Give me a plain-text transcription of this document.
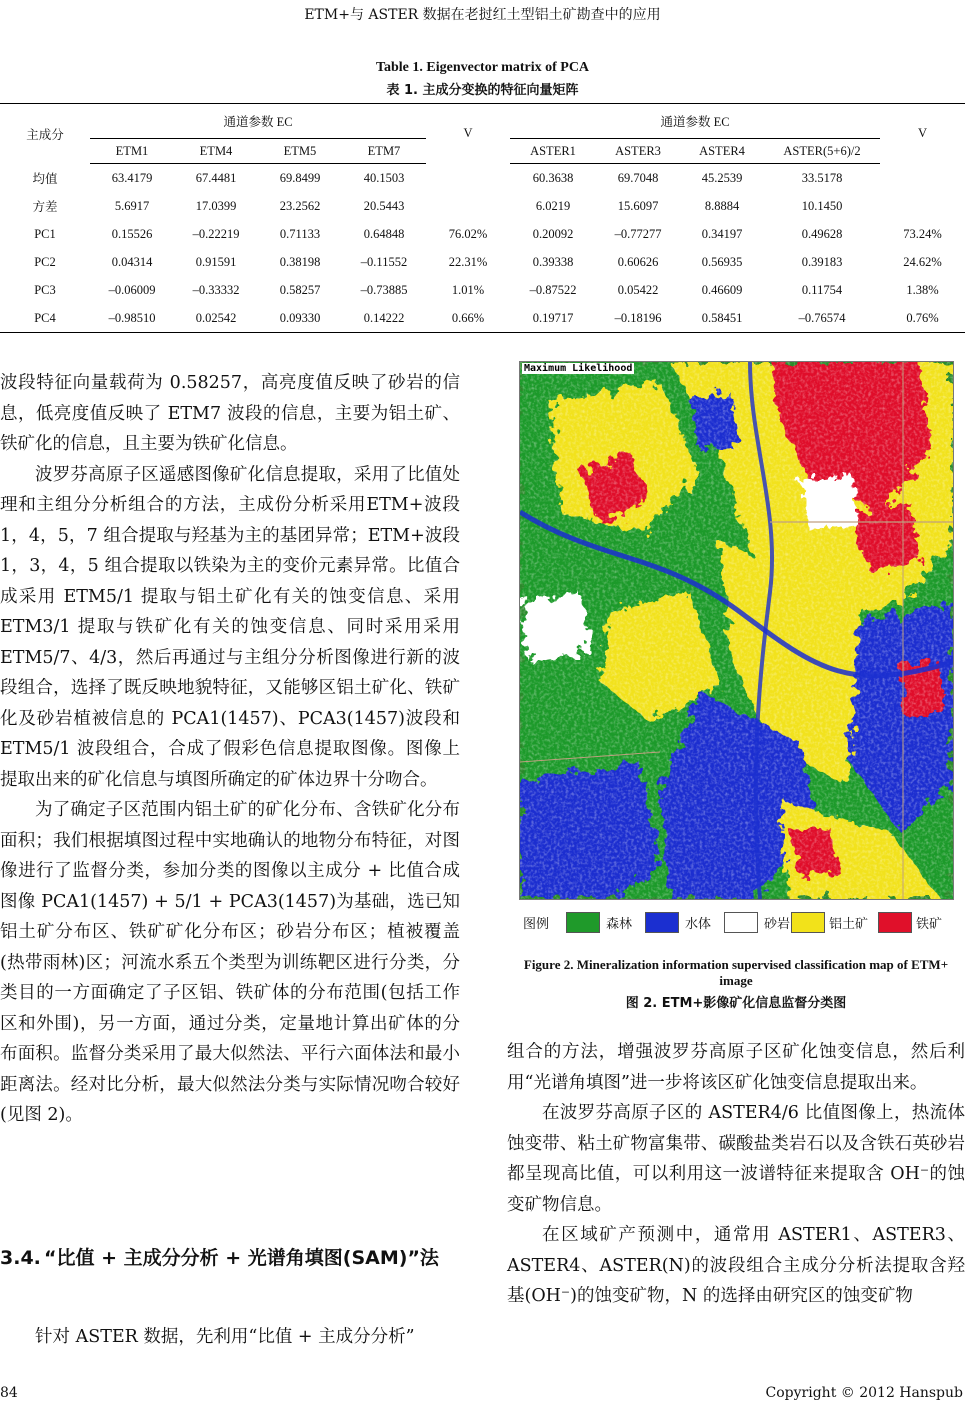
ETM+与 ASTER 数据在老挝红土型铝土矿勘查中的应用
Table 1. Eigenvector matrix of PCA
表 1. 主成分变换的特征向量矩阵
主成分	通道参数 EC				V	通道参数 EC				V
	ETM1	ETM4	ETM5	ETM7		ASTER1	ASTER3	ASTER4	ASTER(5+6)/2	
均值	63.4179	67.4481	69.8499	40.1503		60.3638	69.7048	45.2539	33.5178	
方差	5.6917	17.0399	23.2562	20.5443		6.0219	15.6097	8.8884	10.1450	
PC1	0.15526	–0.22219	0.71133	0.64848	76.02%	0.20092	–0.77277	0.34197	0.49628	73.24%
PC2	0.04314	0.91591	0.38198	–0.11552	22.31%	0.39338	0.60626	0.56935	0.39183	24.62%
PC3	–0.06009	–0.33332	0.58257	–0.73885	1.01%	–0.87522	0.05422	0.46609	0.11754	1.38%
PC4	–0.98510	0.02542	0.09330	0.14222	0.66%	0.19717	–0.18196	0.58451	–0.76574	0.76%

波段特征向量载荷为 0.58257，高亮度值反映了砂岩的信息，低亮度值反映了 ETM7 波段的信息，主要为铝土矿、铁矿化的信息，且主要为铁矿化信息。

波罗芬高原子区遥感图像矿化信息提取，采用了比值处理和主组分分析组合的方法，主成份分析采用ETM+波段 1，4，5，7 组合提取与羟基为主的基团异常；ETM+波段 1，3，4，5 组合提取以铁染为主的变价元素异常。比值合成采用 ETM5/1 提取与铝土矿化有关的蚀变信息、采用 ETM3/1 提取与铁矿化有关的蚀变信息、同时采用采用 ETM5/7、4/3，然后再通过与主组分分析图像进行新的波段组合，选择了既反映地貌特征，又能够区铝土矿化、铁矿化及砂岩植被信息的 PCA1(1457)、PCA3(1457)波段和 ETM5/1 波段组合，合成了假彩色信息提取图像。图像上提取出来的矿化信息与填图所确定的矿体边界十分吻合。

为了确定子区范围内铝土矿的矿化分布、含铁矿化分布面积；我们根据填图过程中实地确认的地物分布特征，对图像进行了监督分类，参加分类的图像以主成分 + 比值合成图像 PCA1(1457) + 5/1 + PCA3(1457)为基础，选已知铝土矿分布区、铁矿矿化分布区；砂岩分布区；植被覆盖(热带雨林)区；河流水系五个类型为训练靶区进行分类，分类目的一方面确定了子区铝、铁矿体的分布范围(包括工作区和外围)，另一方面，通过分类，定量地计算出矿体的分布面积。监督分类采用了最大似然法、平行六面体法和最小距离法。经对比分析，最大似然法分类与实际情况吻合较好(见图 2)。

3.4. “比值 + 主成分分析 + 光谱角填图(SAM)”法

针对 ASTER 数据，先利用“比值 + 主成分分析”

Maximum Likelihood
图例	森林	水体	砂岩	铝土矿	铁矿
Figure 2. Mineralization information supervised classification map of ETM+ image
图 2. ETM+影像矿化信息监督分类图

组合的方法，增强波罗芬高原子区矿化蚀变信息，然后利用“光谱角填图”进一步将该区矿化蚀变信息提取出来。

在波罗芬高原子区的 ASTER4/6 比值图像上，热流体蚀变带、粘土矿物富集带、碳酸盐类岩石以及含铁石英砂岩都呈现高比值，可以利用这一波谱特征来提取含 OH⁻的蚀变矿物信息。

在区域矿产预测中，通常用 ASTER1、ASTER3、ASTER4、ASTER(N)的波段组合主成分分析法提取含羟基(OH⁻)的蚀变矿物，N 的选择由研究区的蚀变矿物

84	Copyright © 2012 Hanspub
